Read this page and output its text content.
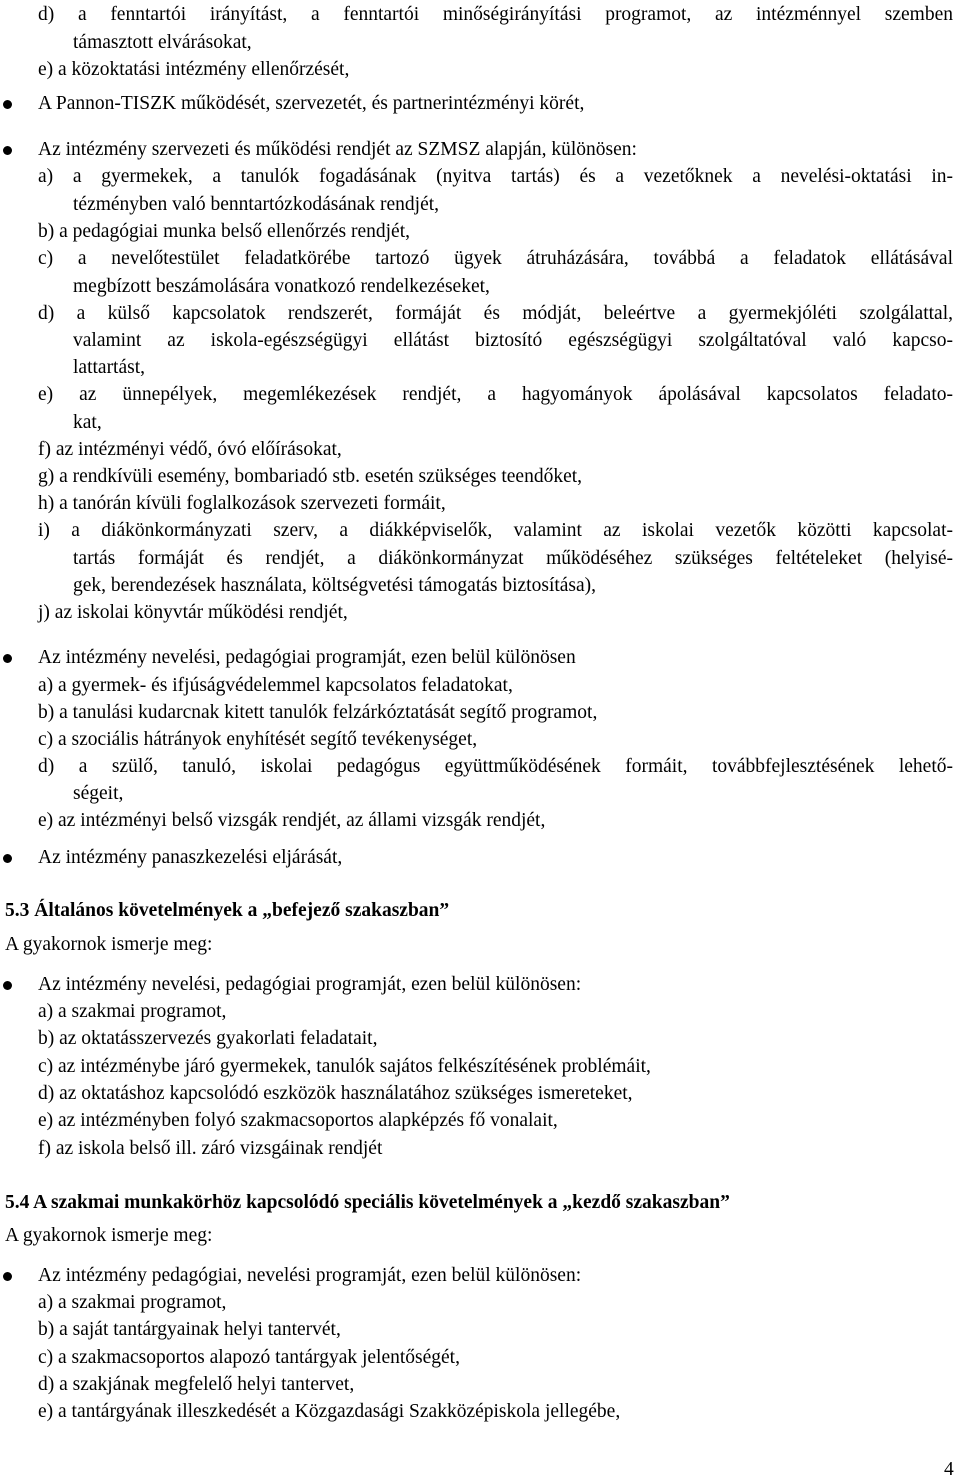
d) a fenntartói irányítást, a fenntartói minőségirányítási programot, az intézménnyel szemben
támasztott elvárásokat,
e) a közoktatási intézmény ellenőrzését,
A Pannon-TISZK működését, szervezetét, és partnerintézményi körét,
Az intézmény szervezeti és működési rendjét az SZMSZ alapján, különösen:
a) a gyermekek, a tanulók fogadásának (nyitva tartás) és a vezetőknek a nevelési-oktatási in-
tézményben való benntartózkodásának rendjét,
b) a pedagógiai munka belső ellenőrzés rendjét,
c) a nevelőtestület feladatkörébe tartozó ügyek átruházására, továbbá a feladatok ellátásával
megbízott beszámolására vonatkozó rendelkezéseket,
d) a külső kapcsolatok rendszerét, formáját és módját, beleértve a gyermekjóléti szolgálattal,
valamint az iskola-egészségügyi ellátást biztosító egészségügyi szolgáltatóval való kapcso-
lattartást,
e) az ünnepélyek, megemlékezések rendjét, a hagyományok ápolásával kapcsolatos feladato-
kat,
f) az intézményi védő, óvó előírásokat,
g) a rendkívüli esemény, bombariadó stb. esetén szükséges teendőket,
h) a tanórán kívüli foglalkozások szervezeti formáit,
i) a diákönkormányzati szerv, a diákképviselők, valamint az iskolai vezetők közötti kapcsolat-
tartás formáját és rendjét, a diákönkormányzat működéséhez szükséges feltételeket (helyisé-
gek, berendezések használata, költségvetési támogatás biztosítása),
j) az iskolai könyvtár működési rendjét,
Az intézmény nevelési, pedagógiai programját, ezen belül különösen
a) a gyermek- és ifjúságvédelemmel kapcsolatos feladatokat,
b) a tanulási kudarcnak kitett tanulók felzárkóztatását segítő programot,
c) a szociális hátrányok enyhítését segítő tevékenységet,
d) a szülő, tanuló, iskolai pedagógus együttműködésének formáit, továbbfejlesztésének lehető-
ségeit,
e) az intézményi belső vizsgák rendjét, az állami vizsgák rendjét,
Az intézmény panaszkezelési eljárását,
5.3 Általános követelmények a „befejező szakaszban”
A gyakornok ismerje meg:
Az intézmény nevelési, pedagógiai programját, ezen belül különösen:
a) a szakmai programot,
b) az oktatásszervezés gyakorlati feladatait,
c) az intézménybe járó gyermekek, tanulók sajátos felkészítésének problémáit,
d) az oktatáshoz kapcsolódó eszközök használatához szükséges ismereteket,
e) az intézményben folyó szakmacsoportos alapképzés fő vonalait,
f) az iskola belső ill. záró vizsgáinak rendjét
5.4 A szakmai munkakörhöz kapcsolódó speciális követelmények a „kezdő szakaszban”
A gyakornok ismerje meg:
Az intézmény pedagógiai, nevelési programját, ezen belül különösen:
a) a szakmai programot,
b) a saját tantárgyainak helyi tantervét,
c) a szakmacsoportos alapozó tantárgyak jelentőségét,
d) a szakjának megfelelő helyi tantervet,
e) a tantárgyának illeszkedését a Közgazdasági Szakközépiskola jellegébe,
4
